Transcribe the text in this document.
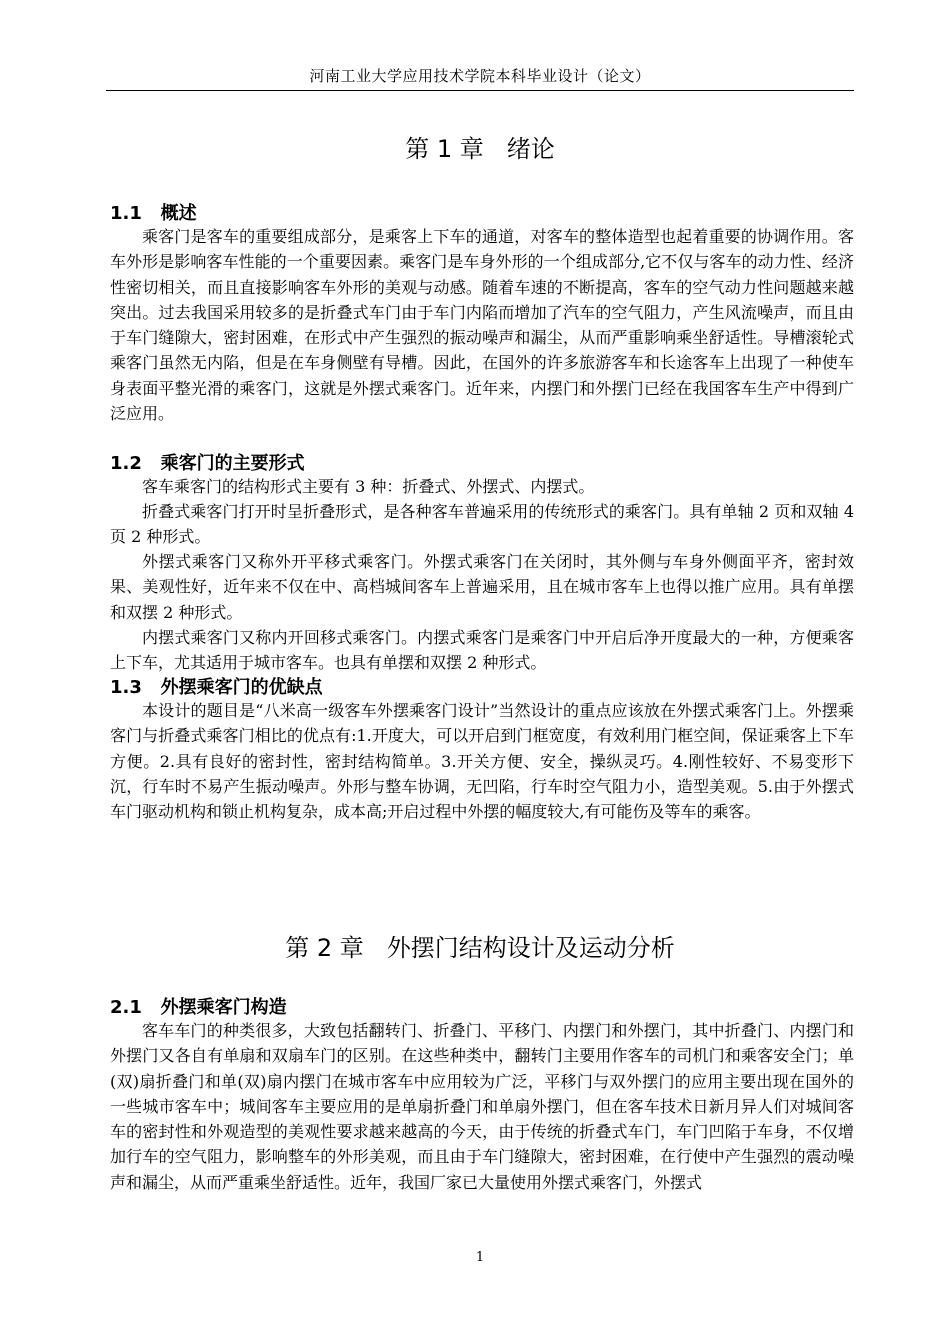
河南工业大学应用技术学院本科毕业设计（论文）
第 1 章   绪论
1.1   概述

乘客门是客车的重要组成部分，是乘客上下车的通道，对客车的整体造型也起着重要的协调作用。客车外形是影响客车性能的一个重要因素。乘客门是车身外形的一个组成部分,它不仅与客车的动力性、经济性密切相关，而且直接影响客车外形的美观与动感。随着车速的不断提高，客车的空气动力性问题越来越突出。过去我国采用较多的是折叠式车门由于车门内陷而增加了汽车的空气阻力，产生风流噪声，而且由于车门缝隙大，密封困难，在形式中产生强烈的振动噪声和漏尘，从而严重影响乘坐舒适性。导槽滚轮式乘客门虽然无内陷，但是在车身侧壁有导槽。因此，在国外的许多旅游客车和长途客车上出现了一种使车身表面平整光滑的乘客门，这就是外摆式乘客门。近年来，内摆门和外摆门已经在我国客车生产中得到广泛应用。

1.2   乘客门的主要形式

客车乘客门的结构形式主要有 3 种：折叠式、外摆式、内摆式。

折叠式乘客门打开时呈折叠形式，是各种客车普遍采用的传统形式的乘客门。具有单轴 2 页和双轴 4 页 2 种形式。

外摆式乘客门又称外开平移式乘客门。外摆式乘客门在关闭时，其外侧与车身外侧面平齐，密封效果、美观性好，近年来不仅在中、高档城间客车上普遍采用，且在城市客车上也得以推广应用。具有单摆和双摆 2 种形式。

内摆式乘客门又称内开回移式乘客门。内摆式乘客门是乘客门中开启后净开度最大的一种，方便乘客上下车，尤其适用于城市客车。也具有单摆和双摆 2 种形式。

1.3   外摆乘客门的优缺点

本设计的题目是“八米高一级客车外摆乘客门设计”当然设计的重点应该放在外摆式乘客门上。外摆乘客门与折叠式乘客门相比的优点有:1.开度大，可以开启到门框宽度，有效利用门框空间，保证乘客上下车方便。2.具有良好的密封性，密封结构简单。3.开关方便、安全，操纵灵巧。4.刚性较好、不易变形下沉，行车时不易产生振动噪声。外形与整车协调，无凹陷，行车时空气阻力小，造型美观。5.由于外摆式车门驱动机构和锁止机构复杂，成本高;开启过程中外摆的幅度较大,有可能伤及等车的乘客。

第 2 章   外摆门结构设计及运动分析
2.1   外摆乘客门构造

客车车门的种类很多，大致包括翻转门、折叠门、平移门、内摆门和外摆门，其中折叠门、内摆门和外摆门又各自有单扇和双扇车门的区别。在这些种类中，翻转门主要用作客车的司机门和乘客安全门；单(双)扇折叠门和单(双)扇内摆门在城市客车中应用较为广泛，平移门与双外摆门的应用主要出现在国外的一些城市客车中；城间客车主要应用的是单扇折叠门和单扇外摆门，但在客车技术日新月异人们对城间客车的密封性和外观造型的美观性要求越来越高的今天，由于传统的折叠式车门，车门凹陷于车身，不仅增加行车的空气阻力，影响整车的外形美观，而且由于车门缝隙大，密封困难，在行使中产生强烈的震动噪声和漏尘，从而严重乘坐舒适性。近年，我国厂家已大量使用外摆式乘客门，外摆式

1
